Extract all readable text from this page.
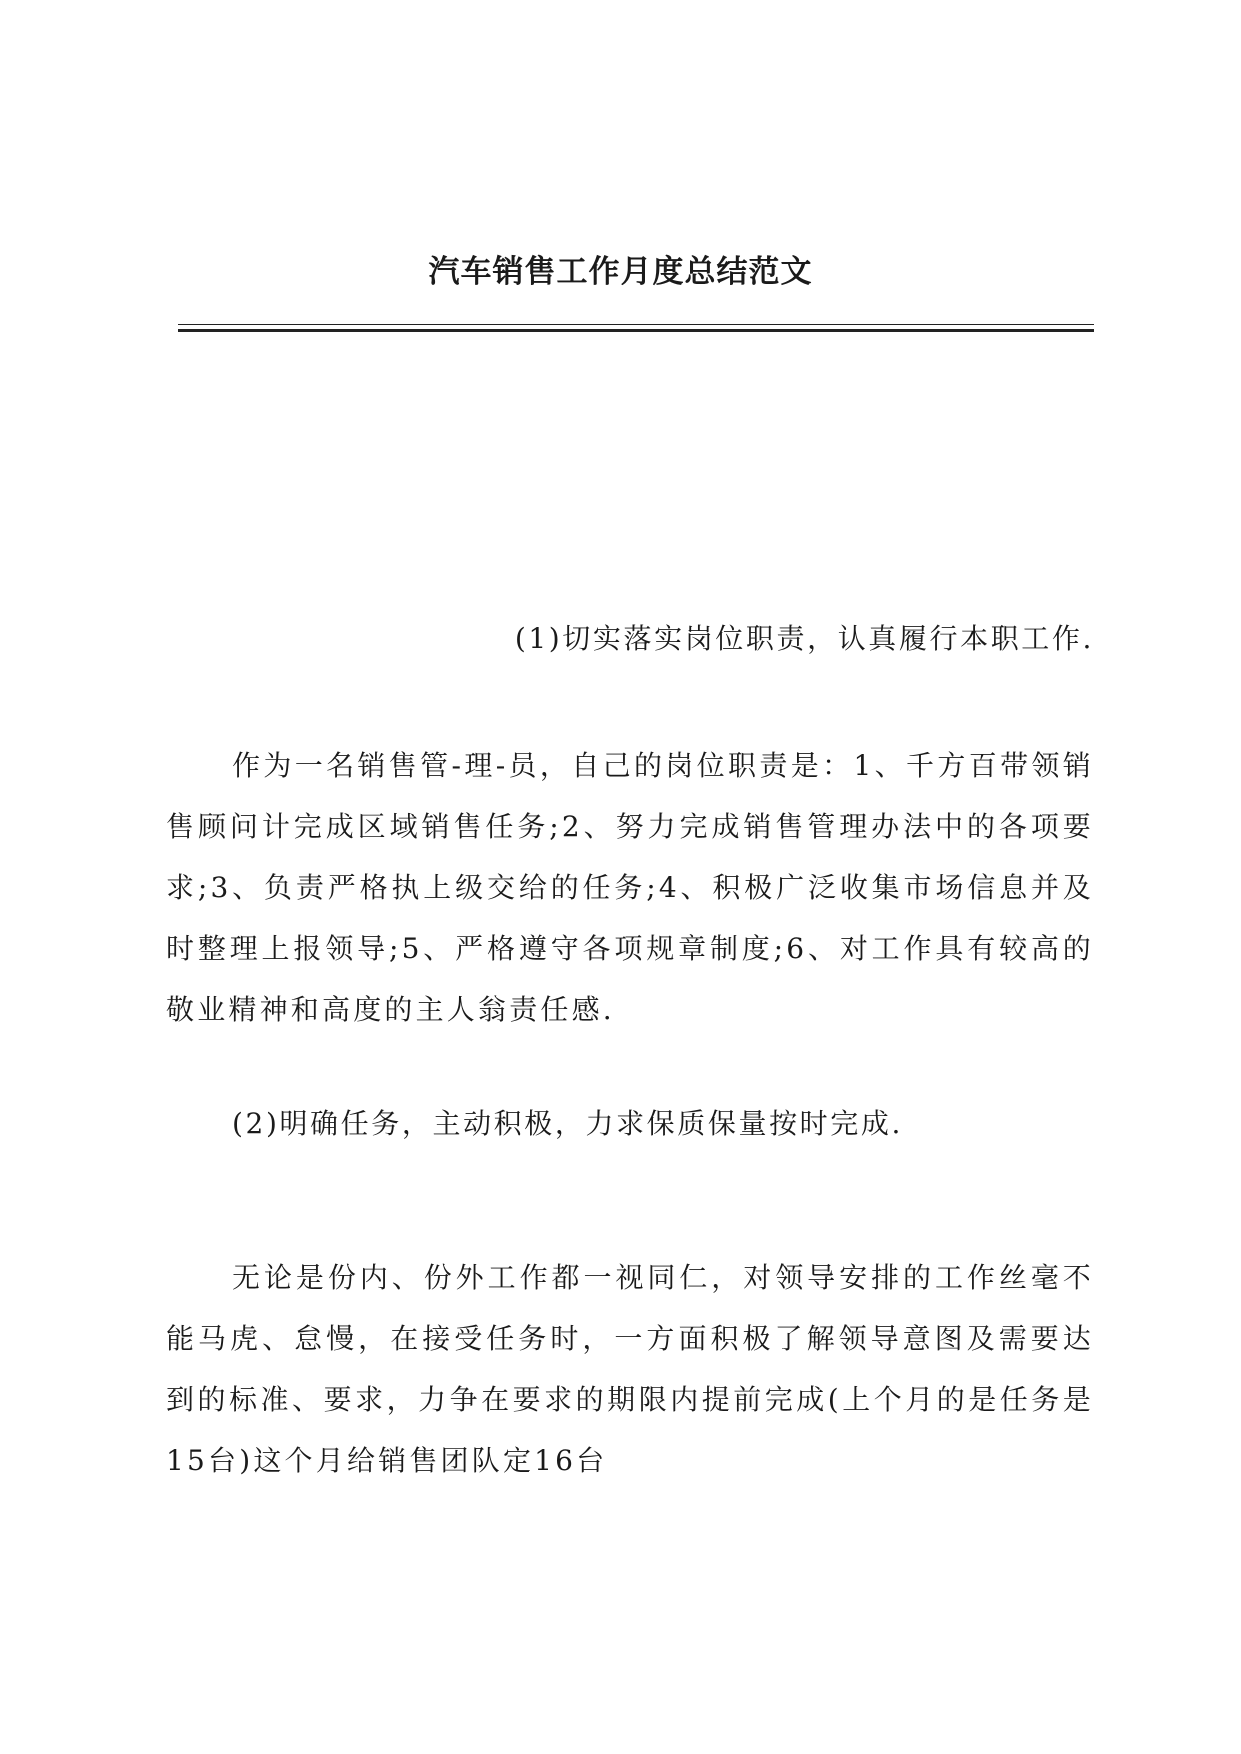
汽车销售工作月度总结范文

(1)切实落实岗位职责，认真履行本职工作.

作为一名销售管-理-员，自己的岗位职责是：1、千方百带领销售顾问计完成区域销售任务;2、努力完成销售管理办法中的各项要求;3、负责严格执上级交给的任务;4、积极广泛收集市场信息并及时整理上报领导;5、严格遵守各项规章制度;6、对工作具有较高的敬业精神和高度的主人翁责任感.

(2)明确任务，主动积极，力求保质保量按时完成.

无论是份内、份外工作都一视同仁，对领导安排的工作丝毫不能马虎、怠慢，在接受任务时，一方面积极了解领导意图及需要达到的标准、要求，力争在要求的期限内提前完成(上个月的是任务是15台)这个月给销售团队定16台
